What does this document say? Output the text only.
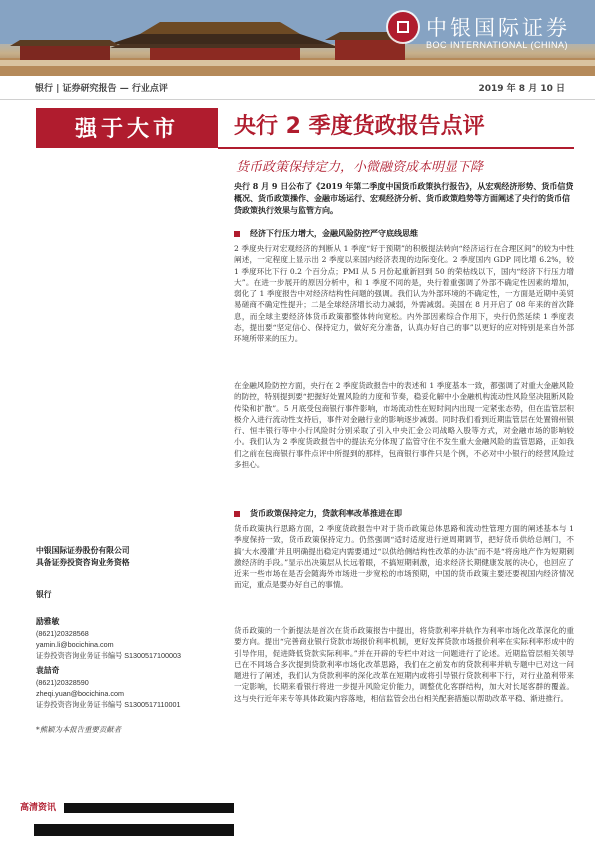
中银国际证券
BOC INTERNATIONAL (CHINA)
银行 | 证券研究报告 — 行业点评	2019 年 8 月 10 日
强于大市	央行 2 季度货政报告点评
货币政策保持定力，小微融资成本明显下降
央行 8 月 9 日公布了《2019 年第二季度中国货币政策执行报告》，从宏观经济形势、货币信贷概况、货币政策操作、金融市场运行、宏观经济分析、货币政策趋势等方面阐述了央行的货币信贷政策执行效果与监管方向。
经济下行压力增大，金融风险防控严守底线思维

2 季度央行对宏观经济的判断从 1 季度“好于预期”的积极提法转向“经济运行在合理区间”的较为中性阐述，一定程度上显示出 2 季度以来国内经济表现的边际变化。2 季度国内 GDP 同比增 6.2%，较 1 季度环比下行 0.2 个百分点；PMI 从 5 月份起重新回到 50 的荣枯线以下，国内“经济下行压力增大”。在进一步展开的原因分析中，和 1 季度不同的是，央行着重强调了外部不确定性因素的增加，弱化了 1 季度报告中对经济结构性问题的强调。我们认为外部环境的不确定性，一方面是近期中美贸易磋商不确定性提升；二是全球经济增长动力减弱，外需减弱。美国在 8 月开启了 08 年来的首次降息，而全球主要经济体货币政策都整体转向宽松。内外部因素综合作用下，央行仍然延续 1 季度表态，提出要“坚定信心、保持定力，做好充分准备，认真办好自己的事”以更好的应对特别是来自外部环境所带来的压力。

在金融风险防控方面，央行在 2 季度货政报告中的表述和 1 季度基本一致，都强调了对重大金融风险的防控，特别提到要“把握好处置风险的力度和节奏，稳妥化解中小金融机构流动性风险坚决阻断风险传染和扩散”。5 月底受包商银行事件影响，市场流动性在短时间内出现一定紧张态势，但在监管层积极介入进行流动性支持后，事件对金融行业的影响逐步减弱。同时我们看到近期监管层在处置锦州银行、恒丰银行等中小行风险时分别采取了引入中央汇金公司战略入股等方式，对金融市场的影响较小。我们认为 2 季度货政报告中的提法充分体现了监管守住不发生重大金融风险的监管思路，正如我们之前在包商银行事件点评中所提到的那样，包商银行事件只是个例，不必对中小银行的经营风险过多担心。

货币政策保持定力，贷款利率改革推进在即

货币政策执行思路方面，2 季度货政报告中对于货币政策总体思路和流动性管理方面的阐述基本与 1 季度保持一致，货币政策保持定力。仍然强调“适时适度进行逆周期调节，把好货币供给总闸门，不搞‘大水漫灌’并且明确提出稳定内需要通过“以供给侧结构性改革的办法”而不是“将房地产作为短期刺激经济的手段。”显示出决策层从长远着眼，不搞短期刺激，追求经济长期健康发展的决心，也回应了近来一些市场在是否会随海外市场进一步宽松的市场预期，中国的货币政策主要还要视国内经济情况而定，重点是要办好自己的事情。

货币政策的一个新提法是首次在货币政策报告中提出，将贷款利率并轨作为利率市场化改革深化的重要方向。提出“完善商业银行贷款市场报价利率机制，更好发挥贷款市场报价利率在实际利率形成中的引导作用，促进降低贷款实际利率。”并在开辟的专栏中对这一问题进行了论述。近期监管层相关领导已在不同场合多次提到贷款利率市场化改革思路，我们在之前发布的贷款利率并轨专题中已对这一问题进行了阐述，我们认为贷款利率的深化改革在短期内或将引导银行贷款利率下行，对行业盈利带来一定影响，长期来看银行将进一步提升风险定价能力，调整优化客群结构，加大对长尾客群的覆盖。这与央行近年来专等具体政策内容落地，相信监管会出台相关配套措施以帮助改革平稳、渐进推行。

中银国际证券股份有限公司
具备证券投资咨询业务资格
银行
励雅敏
(8621)20328568
yamin.li@bocichina.com
证券投资咨询业务证书编号 S1300517100003
袁喆奇
(8621)20328590
zheqi.yuan@bocichina.com
证券投资咨询业务证书编号 S1300517110001
*熊颖为本报告重要贡献者
高清资讯
